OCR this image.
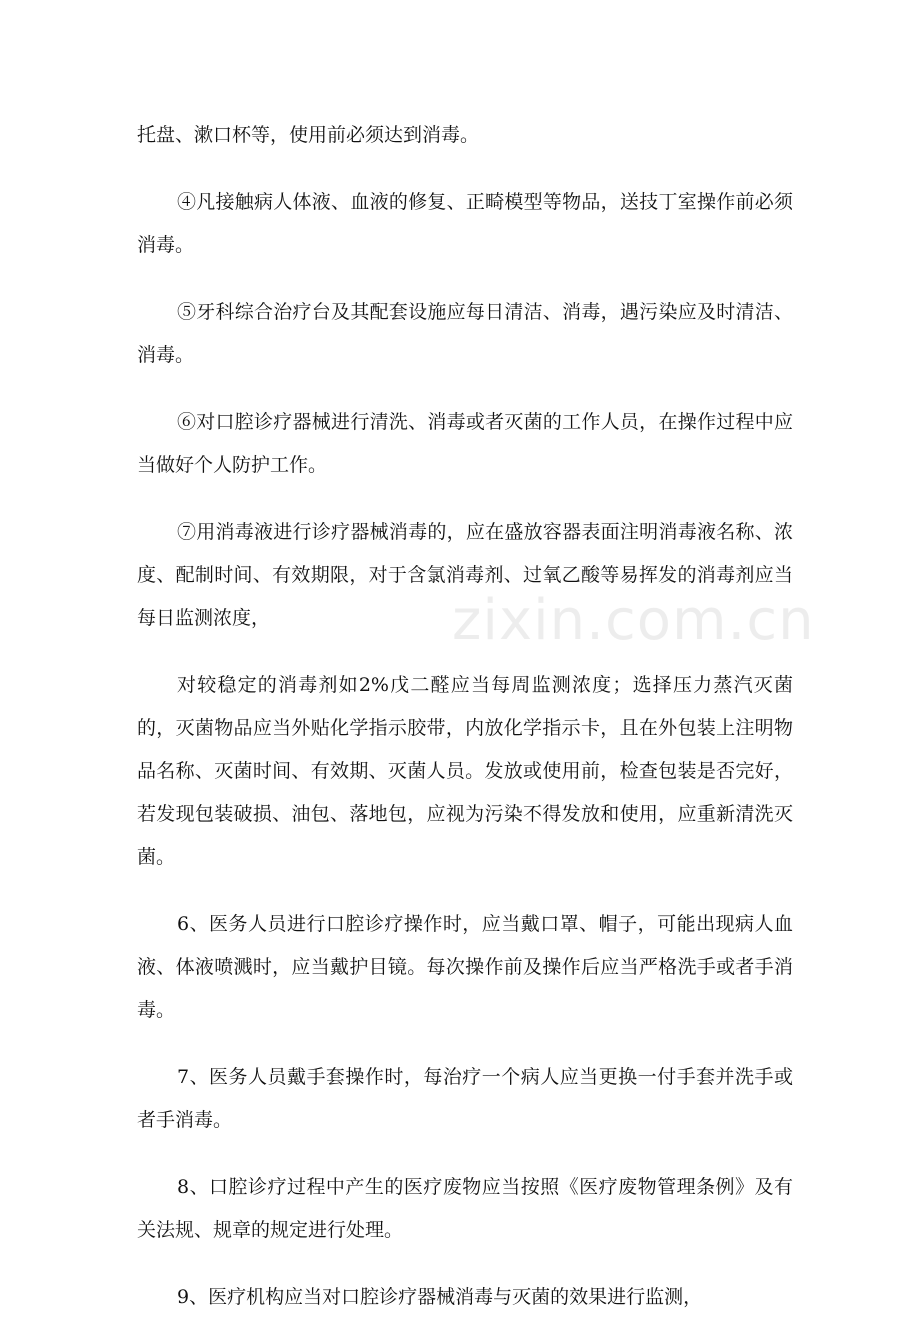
托盘、漱口杯等，使用前必须达到消毒。

④凡接触病人体液、血液的修复、正畸模型等物品，送技丁室操作前必须消毒。

⑤牙科综合治疗台及其配套设施应每日清洁、消毒，遇污染应及时清洁、消毒。

⑥对口腔诊疗器械进行清洗、消毒或者灭菌的工作人员，在操作过程中应当做好个人防护工作。

⑦用消毒液进行诊疗器械消毒的，应在盛放容器表面注明消毒液名称、浓度、配制时间、有效期限，对于含氯消毒剂、过氧乙酸等易挥发的消毒剂应当每日监测浓度，

对较稳定的消毒剂如2%戊二醛应当每周监测浓度；选择压力蒸汽灭菌的，灭菌物品应当外贴化学指示胶带，内放化学指示卡，且在外包装上注明物品名称、灭菌时间、有效期、灭菌人员。发放或使用前，检查包装是否完好，若发现包装破损、油包、落地包，应视为污染不得发放和使用，应重新清洗灭菌。

6、医务人员进行口腔诊疗操作时，应当戴口罩、帽子，可能出现病人血液、体液喷溅时，应当戴护目镜。每次操作前及操作后应当严格洗手或者手消毒。

7、医务人员戴手套操作时，每治疗一个病人应当更换一付手套并洗手或者手消毒。

8、口腔诊疗过程中产生的医疗废物应当按照《医疗废物管理条例》及有关法规、规章的规定进行处理。

9、医疗机构应当对口腔诊疗器械消毒与灭菌的效果进行监测，

zixin.com.cn
